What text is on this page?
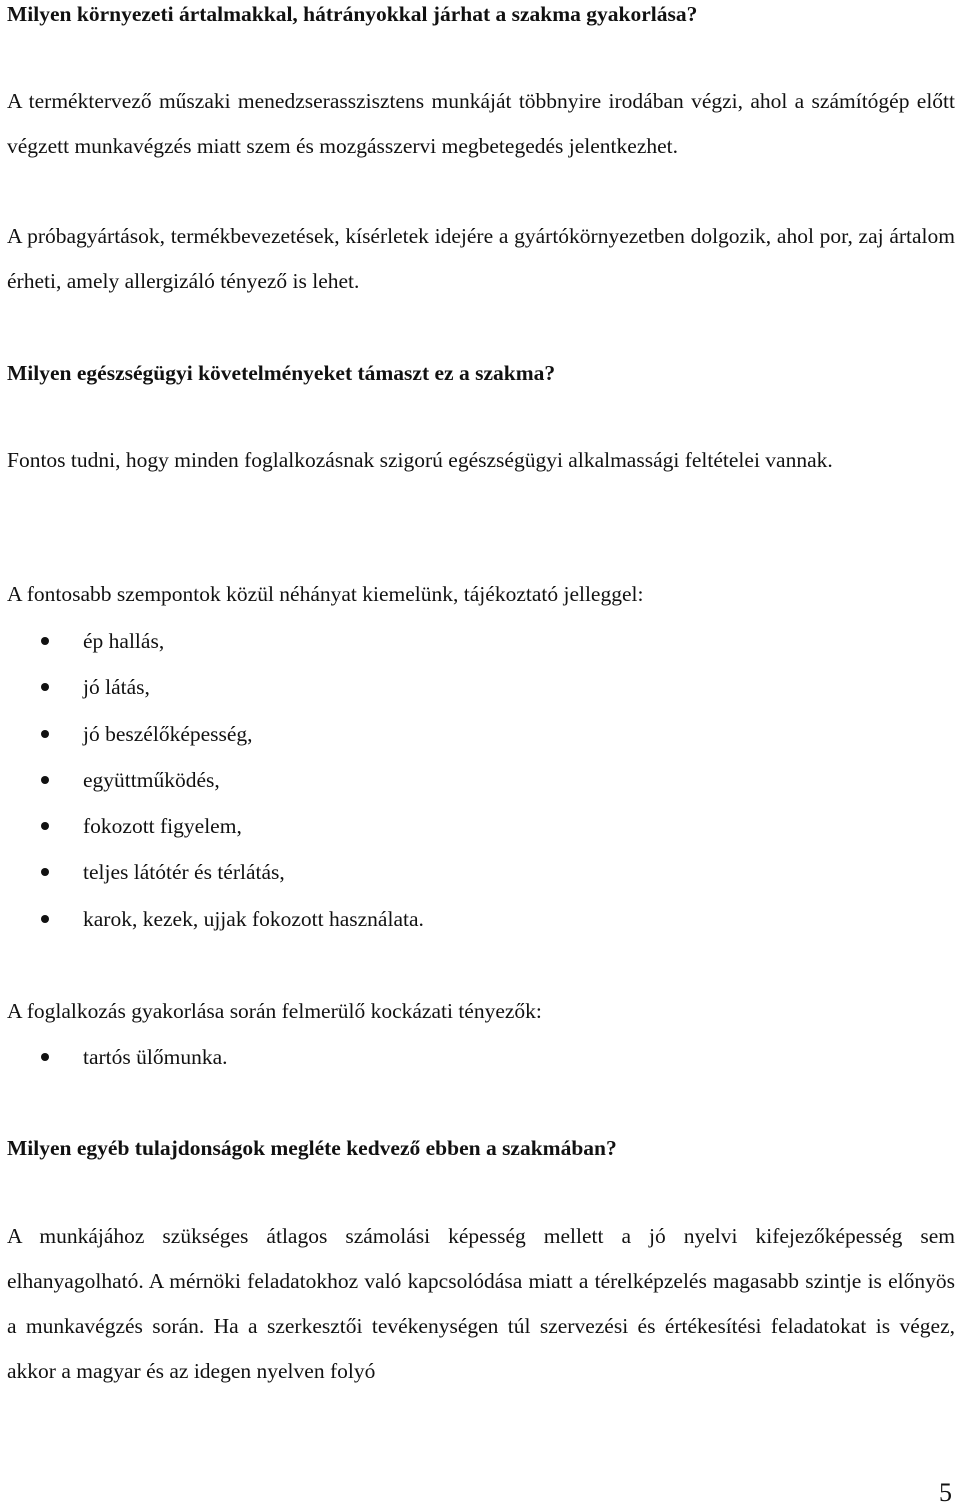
Milyen környezeti ártalmakkal, hátrányokkal járhat a szakma gyakorlása?
A terméktervező műszaki menedzserasszisztens munkáját többnyire irodában végzi, ahol a számítógép előtt végzett munkavégzés miatt szem és mozgásszervi megbetegedés jelentkezhet.
A próbagyártások, termékbevezetések, kísérletek idejére a gyártókörnyezetben dolgozik, ahol por, zaj ártalom érheti, amely allergizáló tényező is lehet.
Milyen egészségügyi követelményeket támaszt ez a szakma?
Fontos tudni, hogy minden foglalkozásnak szigorú egészségügyi alkalmassági feltételei vannak.
A fontosabb szempontok közül néhányat kiemelünk, tájékoztató jelleggel:
ép hallás,
jó látás,
jó beszélőképesség,
együttműködés,
fokozott figyelem,
teljes látótér és térlátás,
karok, kezek, ujjak fokozott használata.
A foglalkozás gyakorlása során felmerülő kockázati tényezők:
tartós ülőmunka.
Milyen egyéb tulajdonságok megléte kedvező ebben a szakmában?
A munkájához szükséges átlagos számolási képesség mellett a jó nyelvi kifejezőképesség sem elhanyagolható. A mérnöki feladatokhoz való kapcsolódása miatt a térelképzelés magasabb szintje is előnyös a munkavégzés során. Ha a szerkesztői tevékenységen túl szervezési és értékesítési feladatokat is végez, akkor a magyar és az idegen nyelven folyó
5
